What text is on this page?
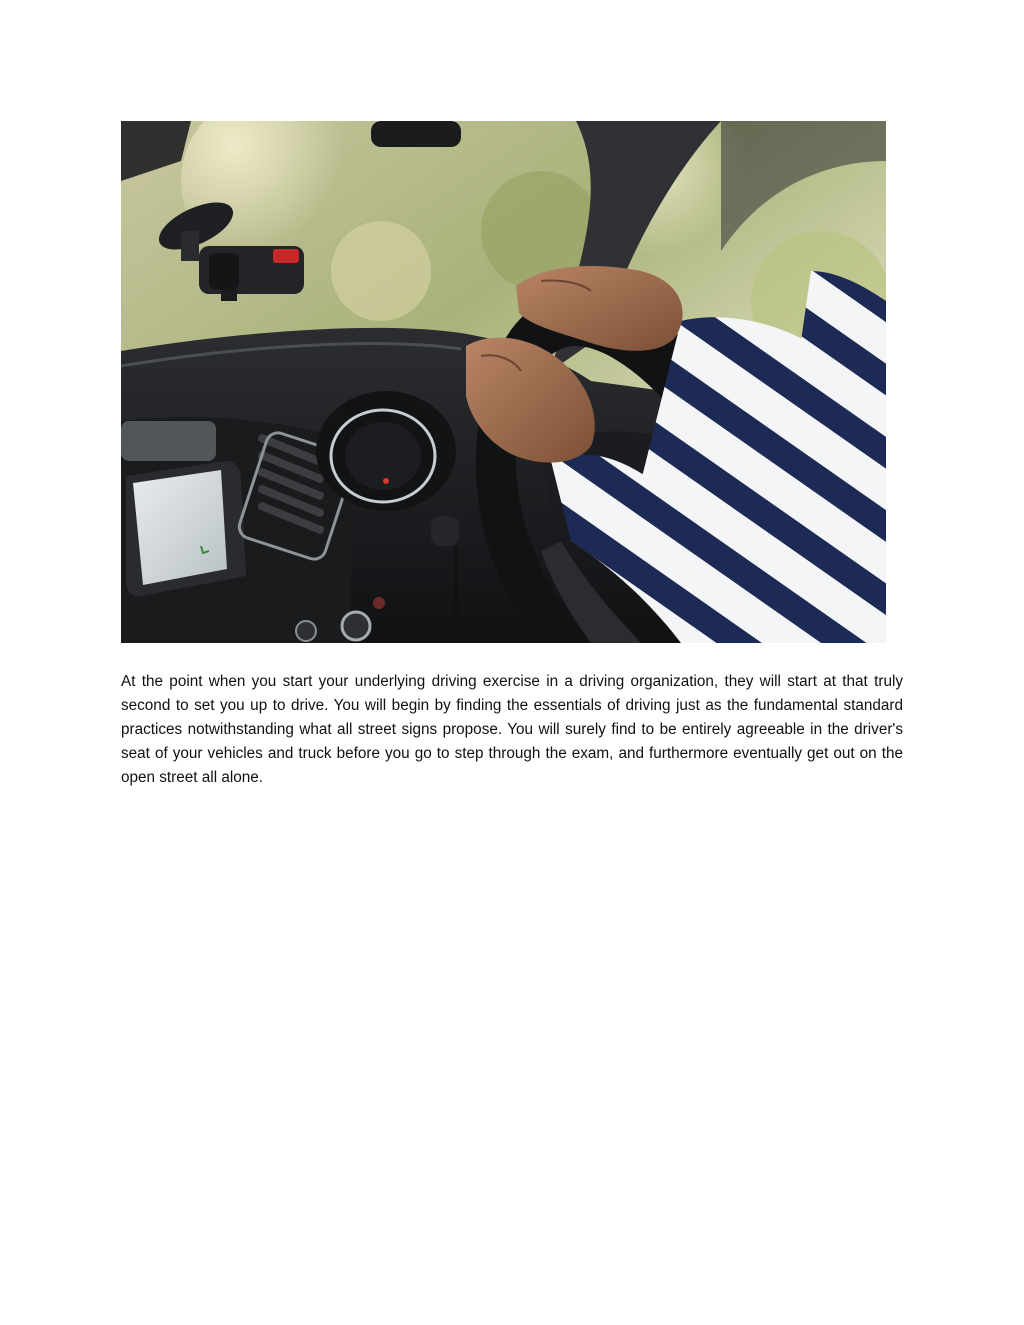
At the point when you start your underlying driving exercise in a driving organization, they will start at that truly second to set you up to drive. You will begin by finding the essentials of driving just as the fundamental standard practices notwithstanding what all street signs propose. You will surely find to be entirely agreeable in the driver's seat of your vehicles and truck before you go to step through the exam, and furthermore eventually get out on the open street all alone.
